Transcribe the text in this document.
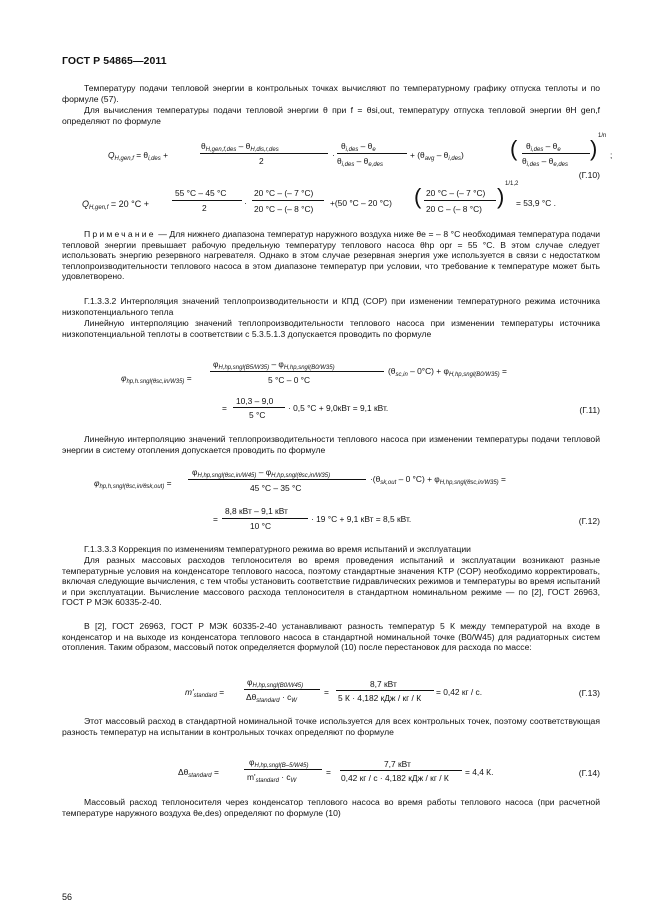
ГОСТ Р 54865—2011
Температуру подачи тепловой энергии в контрольных точках вычисляют по температурному графику отпуска теплоты и по формуле (57).
Для вычисления температуры подачи тепловой энергии θ при f = θsi,out, температуру отпуска тепловой энергии θH gen,f определяют по формуле
$Q_{H,gen,f} = \theta_{i,des}$ +
$\theta_{H,gen,f,des} - \theta_{H,dis,r,des}$
2
·
$\theta_{i,des} - \theta_e$
$\theta_{i,des} - \theta_{e,des}$
+ $(\theta_{avg} - \theta_{i,des})$ ( $\theta_{i,des} - \theta_e$
$\theta_{i,des} - \theta_{e,des}$
) 1/n
;
(Г.10)
$Q_{H,gen,f} = 20$ °С +
55 °С – 45 °С
2	·
20 °С – (– 7 °С)
20 °С – (– 8 °С)
+(50 °С – 20 °С) ( 20 °С – (– 7 °С)
20 С – (– 8 °С) ) 1/1,2
= 53,9 °С .
Примечание — Для нижнего диапазона температур наружного воздуха ниже θe = – 8 °С необходимая температура подачи тепловой энергии превышает рабочую предельную температуру теплового насоса θhp opr = 55 °С. В этом случае следует использовать энергию резервного нагревателя. Однако в этом случае резервная энергия уже используется в связи с недостатком теплопроизводительности теплового насоса в этом диапазоне температур при условии, что требование к температуре может быть удовлетворено.
Г.1.3.3.2 Интерполяция значений теплопроизводительности и КПД (COP) при изменении температурного режима источника низкопотенциального тепла
Линейную интерполяцию значений теплопроизводительности теплового насоса при изменении температуры источника низкопотенциальной теплоты в соответствии с 5.3.5.1.3 допускается проводить по формуле
$\varphi_{hp,h.sngl(\theta sc,in/W35)}$ =
$\varphi_{H,hp,sngl(B5/W35)} - \varphi_{H,hp,sngl(B0/W35)}$
5 °С – 0 °С
$(\theta_{sc,in} - 0^\circ С) + \varphi_{H,hp,sngl(B0/W35)}$ =
=
10,3 – 9,0
5 °С
· 0,5 °С + 9,0кВт = 9,1 кВт.	(Г.11)
Линейную интерполяцию значений теплопроизводительности теплового насоса при изменении температуры подачи тепловой энергии в систему отопления допускается проводить по формуле
$\varphi_{hp,h,sngl(\theta sc,in/\theta sk,out)}$ =
$\varphi_{H,hp,sngl(\theta sc,in/W45)} - \varphi_{H,hp,sngl(\theta sc,in/W35)}$
45 °С – 35 °С
$\cdot(\theta_{sk,out} - 0$ $^\circ С) + \varphi_{H,hp,sngl(\theta sc,in/W35)}$ =
=
8,8 кВт – 9,1 кВт
10 °С
· 19 °С + 9,1 кВт = 8,5 кВт.	(Г.12)
Г.1.3.3.3 Коррекция по изменениям температурного режима во время испытаний и эксплуатации
Для разных массовых расходов теплоносителя во время проведения испытаний и эксплуатации возникают разные температурные условия на конденсаторе теплового насоса, поэтому стандартные значения KTP (COP) необходимо корректировать, включая следующие вычисления, с тем чтобы установить соответствие гидравлических режимов и температуры во время испытаний и при эксплуатации. Вычисление массового расхода теплоносителя в стандартном номинальном режиме — по [2], ГОСТ 26963, ГОСТ Р МЭК 60335-2-40.
В [2], ГОСТ 26963, ГОСТ Р МЭК 60335-2-40 устанавливают разность температур 5 К между температурой на входе в конденсатор и на выходе из конденсатора теплового насоса в стандартной номинальной точке (B0/W45) для радиаторных систем отопления. Таким образом, массовый поток определяется формулой (10) после перестановок для расхода по массе:
$m'_{standard}$ =
$\varphi_{H,hp,sngl(B0/W45)}$
$\Delta\theta_{standard} \cdot c_W$
=
8,7 кВт
5 К · 4,182 кДж / кг / К
= 0,42 кг / с.	(Г.13)
Этот массовый расход в стандартной номинальной точке используется для всех контрольных точек, поэтому соответствующая разность температур на испытании в контрольных точках определяют по формуле
$\Delta\theta_{standard}$ =
$\varphi_{H,hp,sngl(B-5/W45)}$
$m'_{standard} \cdot c_W$
=
7,7 кВт
0,42 кг / с · 4,182 кДж / кг / К
= 4,4 К.	(Г.14)
Массовый расход теплоносителя через конденсатор теплового насоса во время работы теплового насоса (при расчетной температуре наружного воздуха θe,des) определяют по формуле (10)
56
